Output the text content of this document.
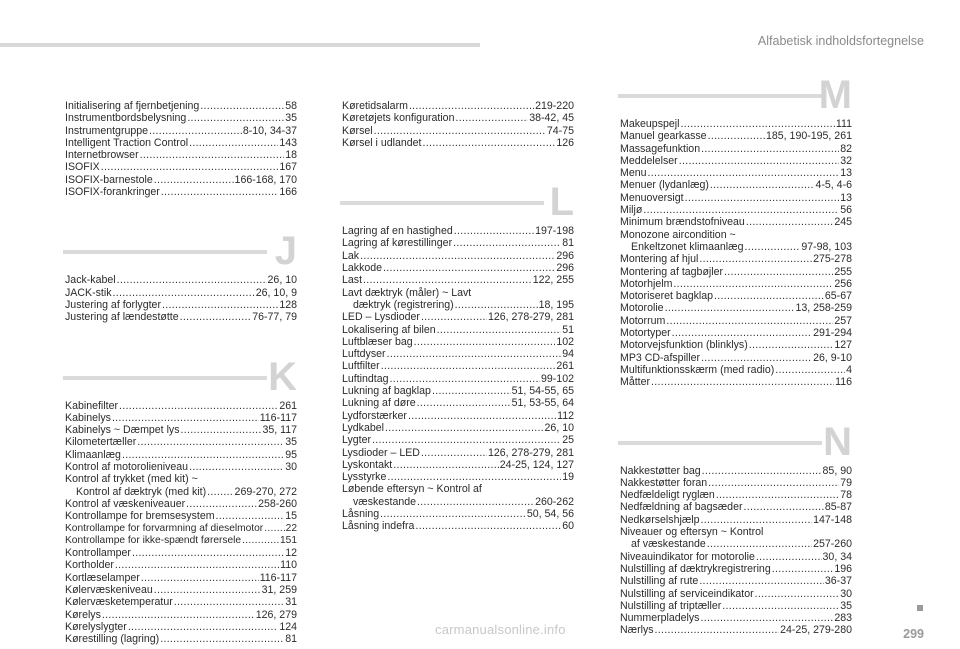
Alfabetisk indholdsfortegnelse
Initialisering af fjernbetjening .....	58
Instrumentbordsbelysning .....	35
Instrumentgruppe .....	8-10, 34-37
Intelligent Traction Control .....	143
Internetbrowser .....	18
ISOFIX .....	167
ISOFIX-barnestole .....	166-168, 170
ISOFIX-forankringer .....	166
J
Jack-kabel .....	26, 10
JACK-stik .....	26, 10, 9
Justering af forlygter .....	128
Justering af lændestøtte .....	76-77, 79
K
Kabinefilter .....	261
Kabinelys .....	116-117
Kabinelys ~ Dæmpet lys .....	35, 117
Kilometertæller .....	35
Klimaanlæg .....	95
Kontrol af motorolieniveau .....	30
Kontrol af trykket (med kit) ~
Kontrol af dæktryk (med kit) .....	269-270, 272
Kontrol af væskeniveauer .....	258-260
Kontrollampe for bremsesystem .....	15
Kontrollampe for forvarmning af dieselmotor ..... 22
Kontrollampe for ikke-spændt førersele .....	151
Kontrollamper .....	12
Kortholder .....	110
Kortlæselamper .....	116-117
Kølervæskeniveau .....	31, 259
Kølervæsketemperatur .....	31
Kørelys .....	126, 279
Kørelyslygter .....	124
Kørestilling (lagring) .....	81
Køretidsalarm .....	219-220
Køretøjets konfiguration .....	38-42, 45
Kørsel .....	74-75
Kørsel i udlandet .....	126
L
Lagring af en hastighed .....	197-198
Lagring af kørestillinger .....	81
Lak .....	296
Lakkode .....	296
Last .....	122, 255
Lavt dæktryk (måler) ~ Lavt
dæktryk (registrering) .....	18, 195
LED – Lysdioder .....	126, 278-279, 281
Lokalisering af bilen .....	51
Luftblæser bag .....	102
Luftdyser .....	94
Luftfilter .....	261
Luftindtag .....	99-102
Lukning af bagklap .....	51, 54-55, 65
Lukning af døre .....	51, 53-55, 64
Lydforstærker .....	112
Lydkabel .....	26, 10
Lygter .....	25
Lysdioder – LED .....	126, 278-279, 281
Lyskontakt .....	24-25, 124, 127
Lysstyrke .....	19
Løbende eftersyn ~ Kontrol af
væskestande .....	260-262
Låsning .....	50, 54, 56
Låsning indefra .....	60
M
Makeupspejl .....	111
Manuel gearkasse .....	185, 190-195, 261
Massagefunktion .....	82
Meddelelser .....	32
Menu .....	13
Menuer (lydanlæg) .....	4-5, 4-6
Menuoversigt .....	13
Miljø .....	56
Minimum brændstofniveau .....	245
Monozone aircondition ~
Enkeltzonet klimaanlæg .....	97-98, 103
Montering af hjul .....	275-278
Montering af tagbøjler .....	255
Motorhjelm .....	256
Motoriseret bagklap .....	65-67
Motorolie .....	13, 258-259
Motorrum .....	257
Motortyper .....	291-294
Motorvejsfunktion (blinklys) .....	127
MP3 CD-afspiller .....	26, 9-10
Multifunktionsskærm (med radio) .....	4
Måtter .....	116
N
Nakkestøtter bag .....	85, 90
Nakkestøtter foran .....	79
Nedfældeligt ryglæn .....	78
Nedfældning af bagsæder .....	85-87
Nedkørselshjælp .....	147-148
Niveauer og eftersyn ~ Kontrol
af væskestande .....	257-260
Niveauindikator for motorolie .....	30, 34
Nulstilling af dæktrykregistrering .....	196
Nulstilling af rute .....	36-37
Nulstilling af serviceindikator .....	30
Nulstilling af triptæller .....	35
Nummerpladelys .....	283
Nærlys .....	24-25, 279-280	299
carmanualsonline.info
